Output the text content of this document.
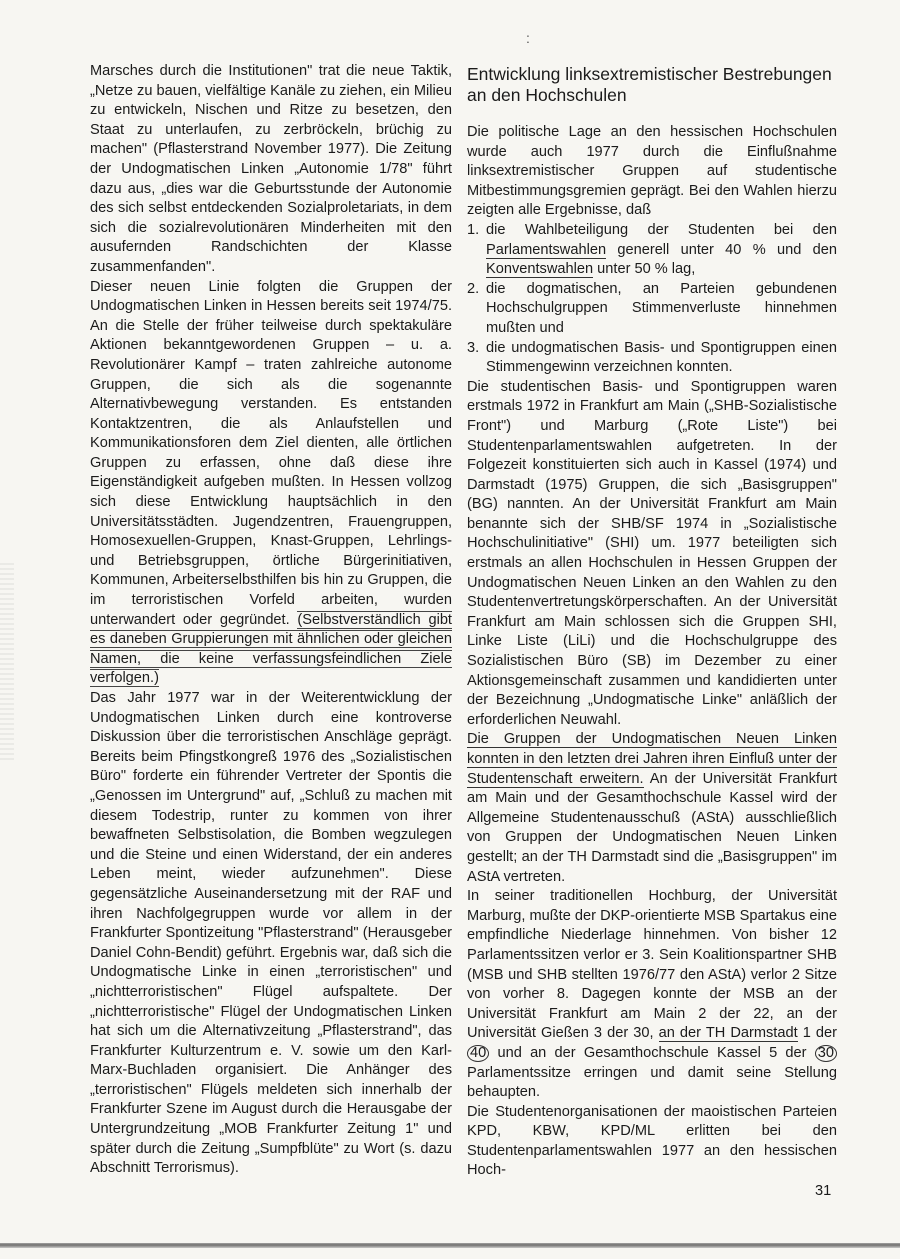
:

Marsches durch die Institutionen" trat die neue Taktik, „Netze zu bauen, vielfältige Kanäle zu ziehen, ein Milieu zu entwickeln, Nischen und Ritze zu besetzen, den Staat zu unterlaufen, zu zerbröckeln, brüchig zu machen" (Pflasterstrand November 1977). Die Zeitung der Undogmatischen Linken „Autonomie 1/78" führt dazu aus, „dies war die Geburtsstunde der Autonomie des sich selbst entdeckenden Sozialproletariats, in dem sich die sozialrevolutionären Minderheiten mit den ausufernden Randschichten der Klasse zusammenfanden".

Dieser neuen Linie folgten die Gruppen der Undogmatischen Linken in Hessen bereits seit 1974/75. An die Stelle der früher teilweise durch spektakuläre Aktionen bekanntgewordenen Gruppen – u. a. Revolutionärer Kampf – traten zahlreiche autonome Gruppen, die sich als die sogenannte Alternativbewegung verstanden. Es entstanden Kontaktzentren, die als Anlaufstellen und Kommunikationsforen dem Ziel dienten, alle örtlichen Gruppen zu erfassen, ohne daß diese ihre Eigenständigkeit aufgeben mußten. In Hessen vollzog sich diese Entwicklung hauptsächlich in den Universitätsstädten. Jugendzentren, Frauengruppen, Homosexuellen-Gruppen, Knast-Gruppen, Lehrlings- und Betriebsgruppen, örtliche Bürgerinitiativen, Kommunen, Arbeiterselbsthilfen bis hin zu Gruppen, die im terroristischen Vorfeld arbeiten, wurden unterwandert oder gegründet. (Selbstverständlich gibt es daneben Gruppierungen mit ähnlichen oder gleichen Namen, die keine verfassungsfeindlichen Ziele verfolgen.)

Das Jahr 1977 war in der Weiterentwicklung der Undogmatischen Linken durch eine kontroverse Diskussion über die terroristischen Anschläge geprägt. Bereits beim Pfingstkongreß 1976 des „Sozialistischen Büro" forderte ein führender Vertreter der Spontis die „Genossen im Untergrund" auf, „Schluß zu machen mit diesem Todestrip, runter zu kommen von ihrer bewaffneten Selbstisolation, die Bomben wegzulegen und die Steine und einen Widerstand, der ein anderes Leben meint, wieder aufzunehmen". Diese gegensätzliche Auseinandersetzung mit der RAF und ihren Nachfolgegruppen wurde vor allem in der Frankfurter Spontizeitung "Pflasterstrand" (Herausgeber Daniel Cohn-Bendit) geführt. Ergebnis war, daß sich die Undogmatische Linke in einen „terroristischen" und „nichtterroristischen" Flügel aufspaltete. Der „nichtterroristische" Flügel der Undogmatischen Linken hat sich um die Alternativzeitung „Pflasterstrand", das Frankfurter Kulturzentrum e. V. sowie um den Karl-Marx-Buchladen organisiert. Die Anhänger des „terroristischen" Flügels meldeten sich innerhalb der Frankfurter Szene im August durch die Herausgabe der Untergrundzeitung „MOB Frankfurter Zeitung 1" und später durch die Zeitung „Sumpfblüte" zu Wort (s. dazu Abschnitt Terrorismus).

Entwicklung linksextremistischer Bestrebungen an den Hochschulen

Die politische Lage an den hessischen Hochschulen wurde auch 1977 durch die Einflußnahme linksextremistischer Gruppen auf studentische Mitbestimmungsgremien geprägt. Bei den Wahlen hierzu zeigten alle Ergebnisse, daß

1. die Wahlbeteiligung der Studenten bei den Parlamentswahlen generell unter 40 % und den Konventswahlen unter 50 % lag,
2. die dogmatischen, an Parteien gebundenen Hochschulgruppen Stimmenverluste hinnehmen mußten und
3. die undogmatischen Basis- und Spontigruppen einen Stimmengewinn verzeichnen konnten.

Die studentischen Basis- und Spontigruppen waren erstmals 1972 in Frankfurt am Main („SHB-Sozialistische Front") und Marburg („Rote Liste") bei Studentenparlamentswahlen aufgetreten. In der Folgezeit konstituierten sich auch in Kassel (1974) und Darmstadt (1975) Gruppen, die sich „Basisgruppen" (BG) nannten. An der Universität Frankfurt am Main benannte sich der SHB/SF 1974 in „Sozialistische Hochschulinitiative" (SHI) um. 1977 beteiligten sich erstmals an allen Hochschulen in Hessen Gruppen der Undogmatischen Neuen Linken an den Wahlen zu den Studentenvertretungskörperschaften. An der Universität Frankfurt am Main schlossen sich die Gruppen SHI, Linke Liste (LiLi) und die Hochschulgruppe des Sozialistischen Büro (SB) im Dezember zu einer Aktionsgemeinschaft zusammen und kandidierten unter der Bezeichnung „Undogmatische Linke" anläßlich der erforderlichen Neuwahl.

Die Gruppen der Undogmatischen Neuen Linken konnten in den letzten drei Jahren ihren Einfluß unter der Studentenschaft erweitern. An der Universität Frankfurt am Main und der Gesamthochschule Kassel wird der Allgemeine Studentenausschuß (AStA) ausschließlich von Gruppen der Undogmatischen Neuen Linken gestellt; an der TH Darmstadt sind die „Basisgruppen" im AStA vertreten.

In seiner traditionellen Hochburg, der Universität Marburg, mußte der DKP-orientierte MSB Spartakus eine empfindliche Niederlage hinnehmen. Von bisher 12 Parlamentssitzen verlor er 3. Sein Koalitionspartner SHB (MSB und SHB stellten 1976/77 den AStA) verlor 2 Sitze von vorher 8. Dagegen konnte der MSB an der Universität Frankfurt am Main 2 der 22, an der Universität Gießen 3 der 30, an der TH Darmstadt 1 der 40 und an der Gesamthochschule Kassel 5 der 30 Parlamentssitze erringen und damit seine Stellung behaupten.

Die Studentenorganisationen der maoistischen Parteien KPD, KBW, KPD/ML erlitten bei den Studentenparlamentswahlen 1977 an den hessischen Hoch-

31
